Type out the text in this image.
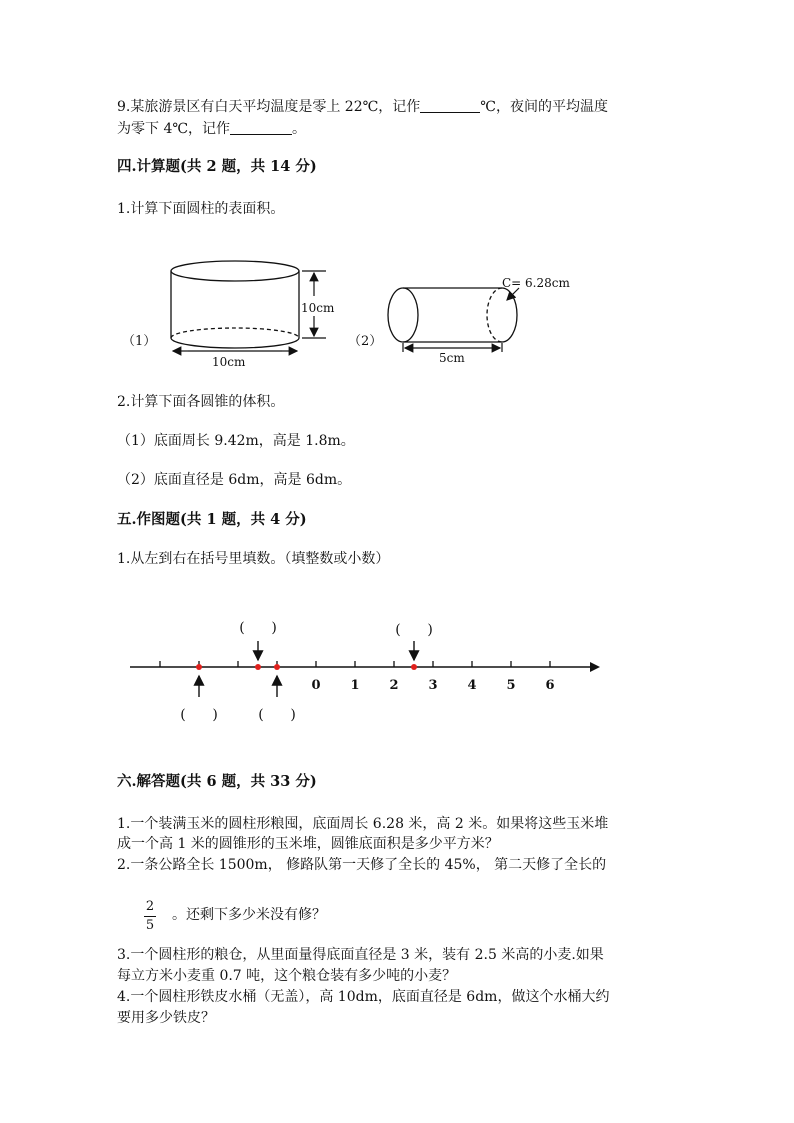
9.某旅游景区有白天平均温度是零上 22℃，记作	℃，夜间的平均温度
为零下 4℃，记作	。
四.计算题(共 2 题，共 14 分)
1.计算下面圆柱的表面积。
10cm
10cm
（1）
C= 6.28cm
5cm
（2）
2.计算下面各圆锥的体积。
（1）底面周长 9.42m，高是 1.8m。
（2）底面直径是 6dm，高是 6dm。
五.作图题(共 1 题，共 4 分)
1.从左到右在括号里填数。（填整数或小数）
0 1 2 3 4 5 6
(      )	(      )
(      )	(      )
六.解答题(共 6 题，共 33 分)
1.一个装满玉米的圆柱形粮囤，底面周长 6.28 米，高 2 米。如果将这些玉米堆
成一个高 1 米的圆锥形的玉米堆，圆锥底面积是多少平方米？
2.一条公路全长 1500m， 修路队第一天修了全长的 45%， 第二天修了全长的
2
5
。还剩下多少米没有修？
3.一个圆柱形的粮仓，从里面量得底面直径是 3 米，装有 2.5 米高的小麦.如果
每立方米小麦重 0.7 吨，这个粮仓装有多少吨的小麦？
4.一个圆柱形铁皮水桶（无盖），高 10dm，底面直径是 6dm，做这个水桶大约
要用多少铁皮？
